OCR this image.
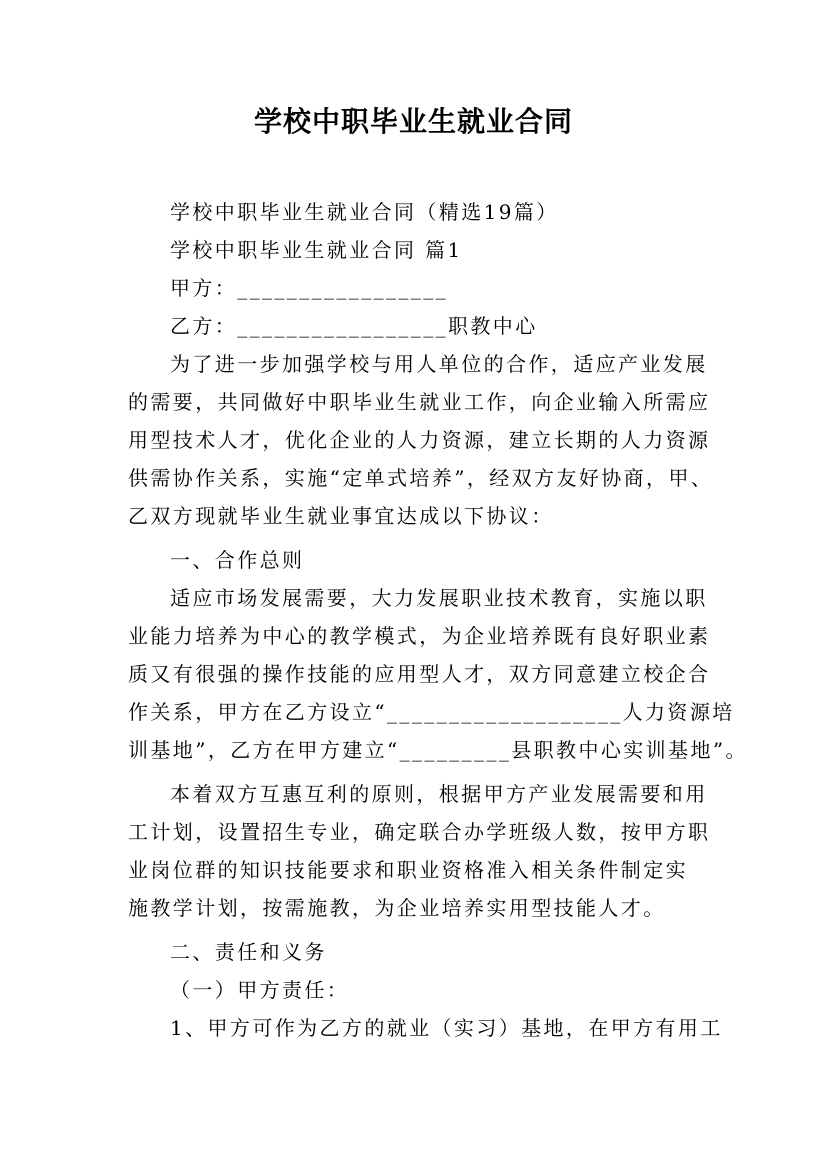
学校中职毕业生就业合同
学校中职毕业生就业合同（精选19篇）
学校中职毕业生就业合同 篇1
甲方：_________________
乙方：_________________职教中心
为了进一步加强学校与用人单位的合作，适应产业发展
的需要，共同做好中职毕业生就业工作，向企业输入所需应
用型技术人才，优化企业的人力资源，建立长期的人力资源
供需协作关系，实施“定单式培养”，经双方友好协商，甲、
乙双方现就毕业生就业事宜达成以下协议：
一、合作总则
适应市场发展需要，大力发展职业技术教育，实施以职
业能力培养为中心的教学模式，为企业培养既有良好职业素
质又有很强的操作技能的应用型人才，双方同意建立校企合
作关系，甲方在乙方设立“___________________人力资源培
训基地”，乙方在甲方建立“_________县职教中心实训基地”。
本着双方互惠互利的原则，根据甲方产业发展需要和用
工计划，设置招生专业，确定联合办学班级人数，按甲方职
业岗位群的知识技能要求和职业资格准入相关条件制定实
施教学计划，按需施教，为企业培养实用型技能人才。
二、责任和义务
（一）甲方责任：
1、甲方可作为乙方的就业（实习）基地，在甲方有用工
